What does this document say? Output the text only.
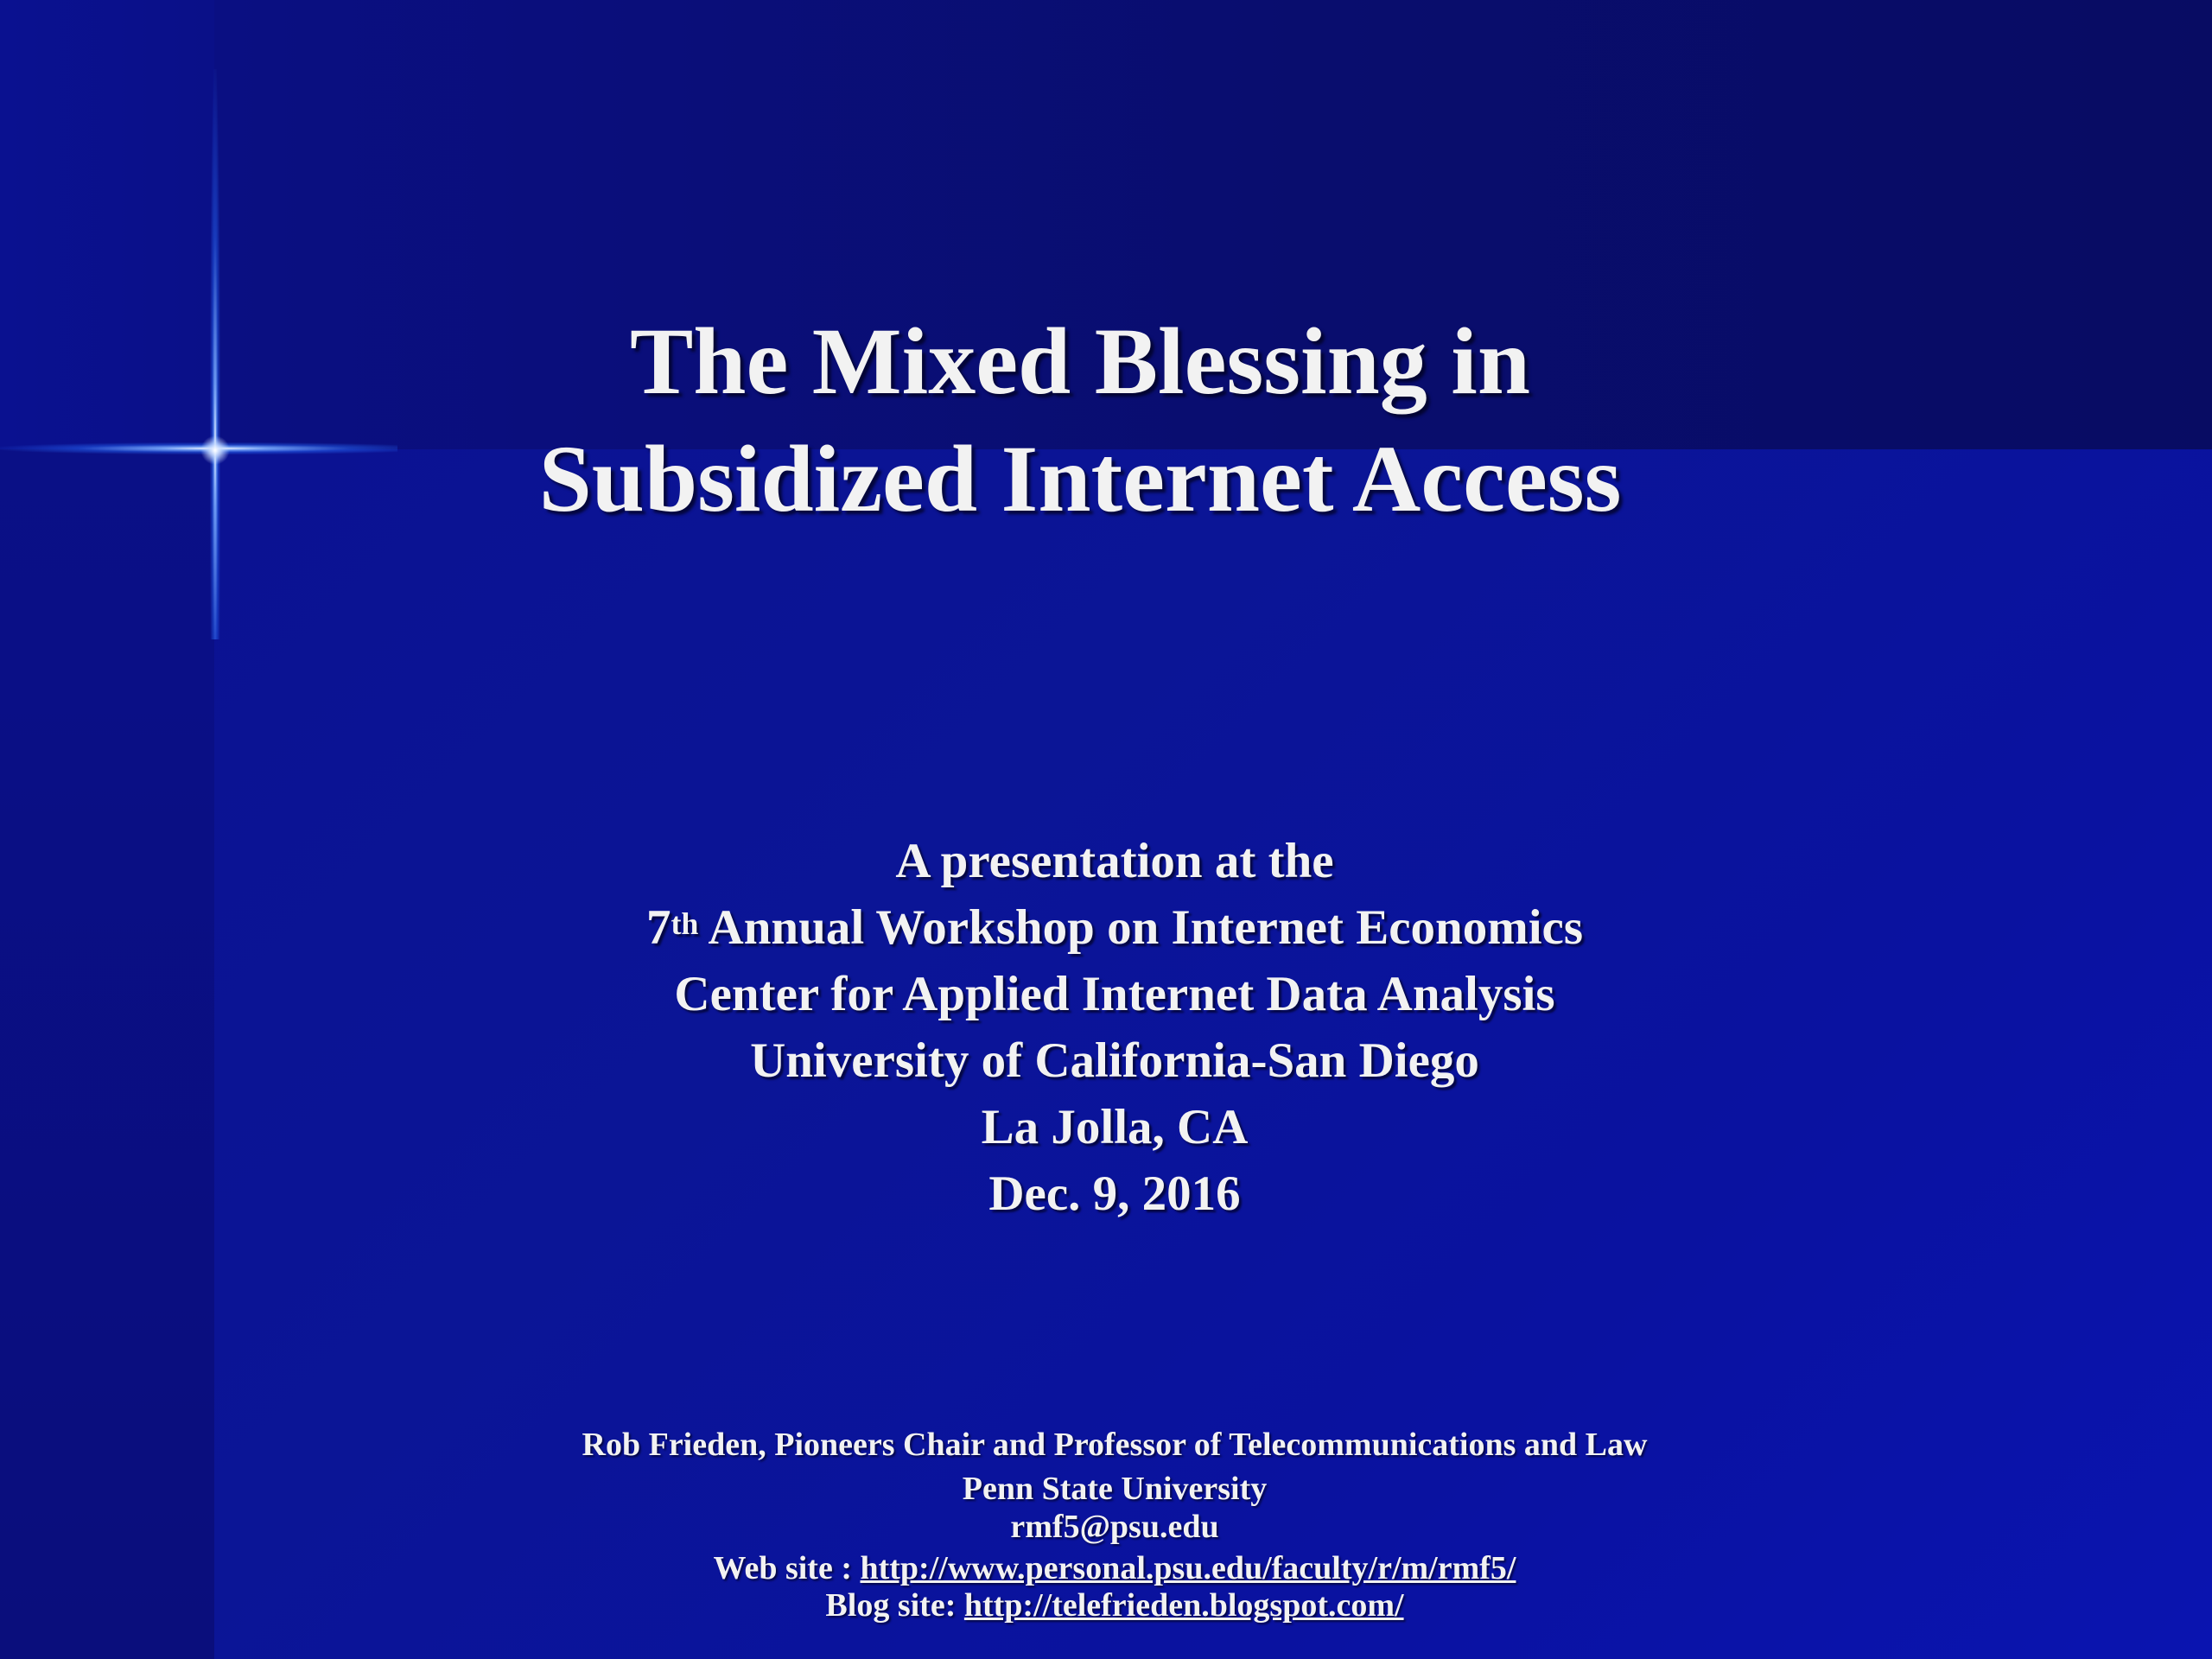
The Mixed Blessing in
Subsidized Internet Access
A presentation at the
7th Annual Workshop on Internet Economics
Center for Applied Internet Data Analysis
University of California-San Diego
La Jolla, CA
Dec. 9, 2016
Rob Frieden, Pioneers Chair and Professor of Telecommunications and Law
Penn State University
rmf5@psu.edu
Web site : http://www.personal.psu.edu/faculty/r/m/rmf5/
Blog site: http://telefrieden.blogspot.com/
